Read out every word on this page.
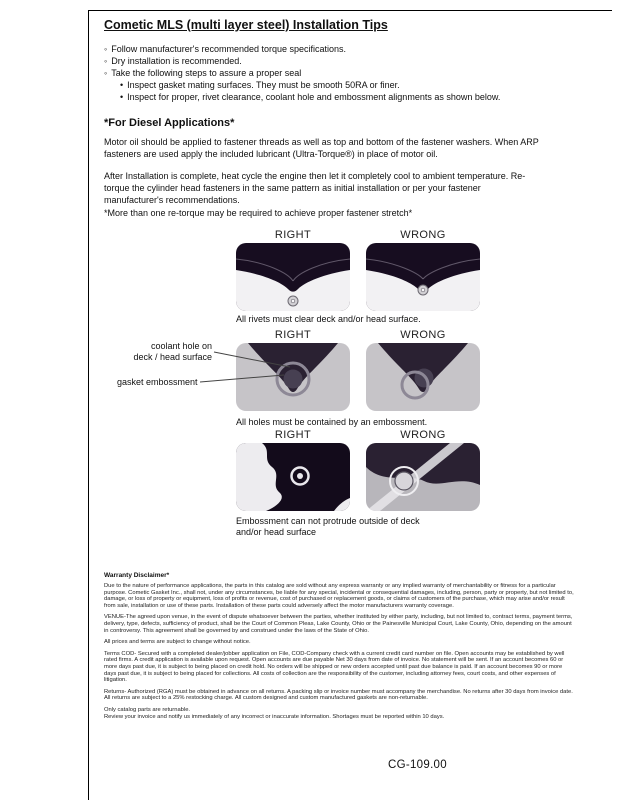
Cometic MLS (multi layer steel) Installation Tips
◦ Follow manufacturer's recommended torque specifications.
◦ Dry installation is recommended.
◦ Take the following steps to assure a proper seal
• Inspect gasket mating surfaces. They must be smooth 50RA or finer.
• Inspect for proper, rivet clearance, coolant hole and embossment alignments as shown below.
*For Diesel Applications*
Motor oil should be applied to fastener threads as well as top and bottom of the fastener washers. When ARP fasteners are used apply the included lubricant (Ultra-Torque®) in place of motor oil.
After Installation is complete, heat cycle the engine then let it completely cool to ambient temperature. Re-torque the cylinder head fasteners in the same pattern as initial installation or per your fastener manufacturer's recommendations.
*More than one re-torque may be required to achieve proper fastener stretch*
RIGHT	WRONG
All rivets must clear deck and/or head surface.
RIGHT	WRONG
coolant hole on
deck / head surface
gasket embossment
All holes must be contained by an embossment.
RIGHT	WRONG
Embossment can not protrude outside of deck and/or head surface
Warranty Disclaimer*

Due to the nature of performance applications, the parts in this catalog are sold without any express warranty or any implied warranty of merchantability or fitness for a particular purpose. Cometic Gasket Inc., shall not, under any circumstances, be liable for any special, incidental or consequential damages, including, person, party or property, but not limited to, damage, or loss of property or equipment, loss of profits or revenue, cost of purchased or replacement goods, or claims of customers of the purchase, which may arise and/or result from sale, installation or use of these parts. Installation of these parts could adversely affect the motor manufacturers warranty coverage.

VENUE-The agreed upon venue, in the event of dispute whatsoever between the parties, whether instituted by either party, including, but not limited to, contract terms, payment terms, delivery, type, defects, sufficiency of product, shall be the Court of Common Pleas, Lake County, Ohio or the Painesville Municipal Court, Lake County, Ohio, depending on the amount in controversy. This agreement shall be governed by and construed under the laws of the State of Ohio.

All prices and terms are subject to change without notice.

Terms COD- Secured with a completed dealer/jobber application on File, COD-Company check with a current credit card number on file. Open accounts may be established by well rated firms. A credit application is available upon request. Open accounts are due payable Net 30 days from date of invoice. No statement will be sent. If an account becomes 60 or more days past due, it is subject to being placed on credit hold. No orders will be shipped or new orders accepted until past due balance is paid. If an account becomes 90 or more days past due, it is subject to being placed for collections. All costs of collection are the responsibility of the customer, including attorney fees, court costs, and other expenses of litigation.

Returns- Authorized (RGA) must be obtained in advance on all returns. A packing slip or invoice number must accompany the merchandise. No returns after 30 days from invoice date. All returns are subject to a 25% restocking charge. All custom designed and custom manufactured gaskets are non-returnable.

Only catalog parts are returnable.

Review your invoice and notify us immediately of any incorrect or inaccurate information. Shortages must be reported within 10 days.

CG-109.00
